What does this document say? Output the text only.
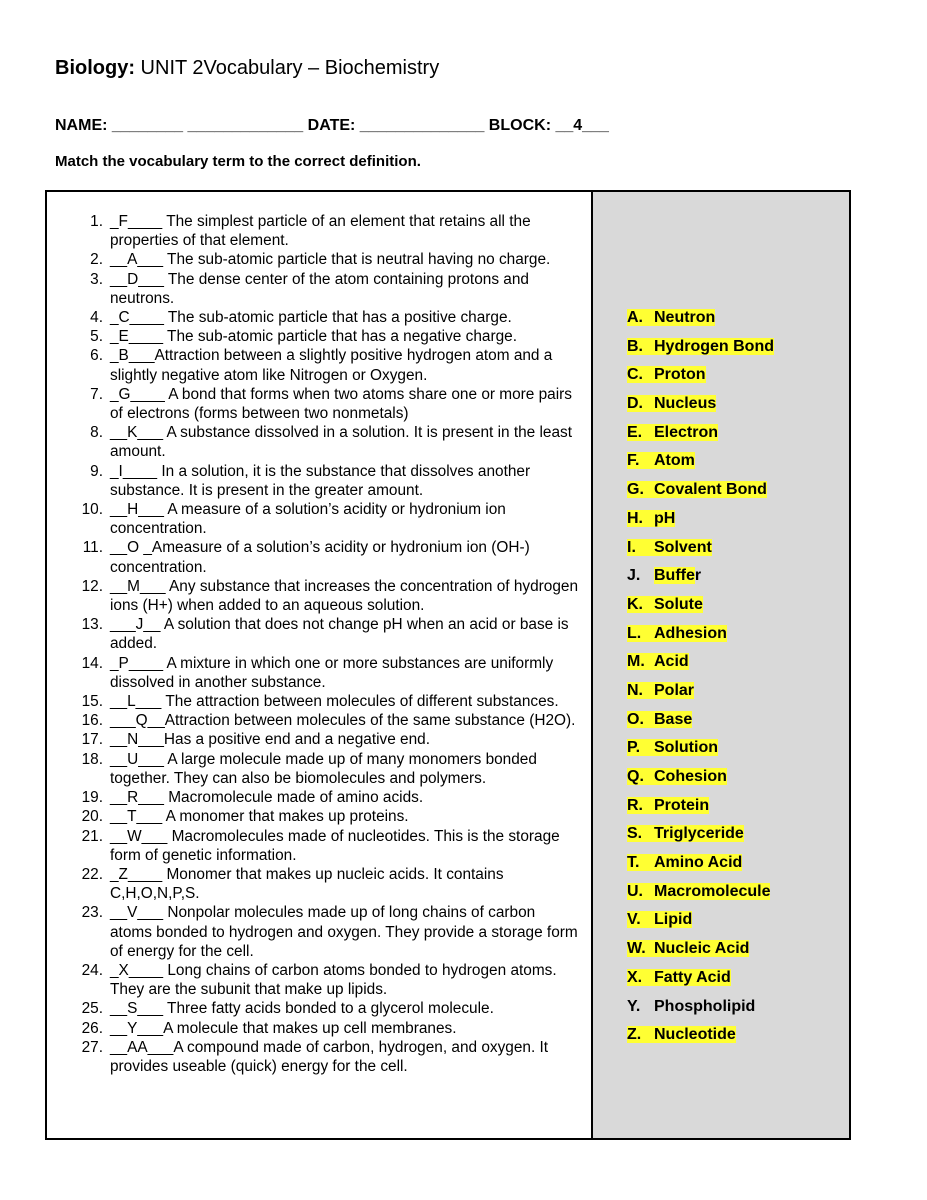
Biology: UNIT 2Vocabulary – Biochemistry
NAME: ________ _____________ DATE: ______________ BLOCK: __4___
Match the vocabulary term to the correct definition.
1. _F____ The simplest particle of an element that retains all the properties of that element.
2. __A___ The sub-atomic particle that is neutral having no charge.
3. __D___ The dense center of the atom containing protons and neutrons.
4. _C____ The sub-atomic particle that has a positive charge.
5. _E____ The sub-atomic particle that has a negative charge.
6. _B___Attraction between a slightly positive hydrogen atom and a slightly negative atom like Nitrogen or Oxygen.
7. _G____ A bond that forms when two atoms share one or more pairs of electrons (forms between two nonmetals)
8. __K___ A substance dissolved in a solution. It is present in the least amount.
9. _I____ In a solution, it is the substance that dissolves another substance. It is present in the greater amount.
10. __H___ A measure of a solution’s acidity or hydronium ion concentration.
11. __O _Ameasure of a solution’s acidity or hydronium ion (OH-) concentration.
12. __M___ Any substance that increases the concentration of hydrogen ions (H+) when added to an aqueous solution.
13. ___J__ A solution that does not change pH when an acid or base is added.
14. _P____ A mixture in which one or more substances are uniformly dissolved in another substance.
15. __L___ The attraction between molecules of different substances.
16. ___Q__Attraction between molecules of the same substance (H2O).
17. __N___Has a positive end and a negative end.
18. __U___ A large molecule made up of many monomers bonded together. They can also be biomolecules and polymers.
19. __R___ Macromolecule made of amino acids.
20. __T___ A monomer that makes up proteins.
21. __W___ Macromolecules made of nucleotides. This is the storage form of genetic information.
22. _Z____ Monomer that makes up nucleic acids. It contains C,H,O,N,P,S.
23. __V___ Nonpolar molecules made up of long chains of carbon atoms bonded to hydrogen and oxygen. They provide a storage form of energy for the cell.
24. _X____ Long chains of carbon atoms bonded to hydrogen atoms. They are the subunit that make up lipids.
25. __S___ Three fatty acids bonded to a glycerol molecule.
26. __Y___A molecule that makes up cell membranes.
27. __AA___A compound made of carbon, hydrogen, and oxygen. It provides useable (quick) energy for the cell.
A. Neutron
B. Hydrogen Bond
C. Proton
D. Nucleus
E. Electron
F. Atom
G. Covalent Bond
H. pH
I. Solvent
J. Buffer
K. Solute
L. Adhesion
M. Acid
N. Polar
O. Base
P. Solution
Q. Cohesion
R. Protein
S. Triglyceride
T. Amino Acid
U. Macromolecule
V. Lipid
W. Nucleic Acid
X. Fatty Acid
Y. Phospholipid
Z. Nucleotide
